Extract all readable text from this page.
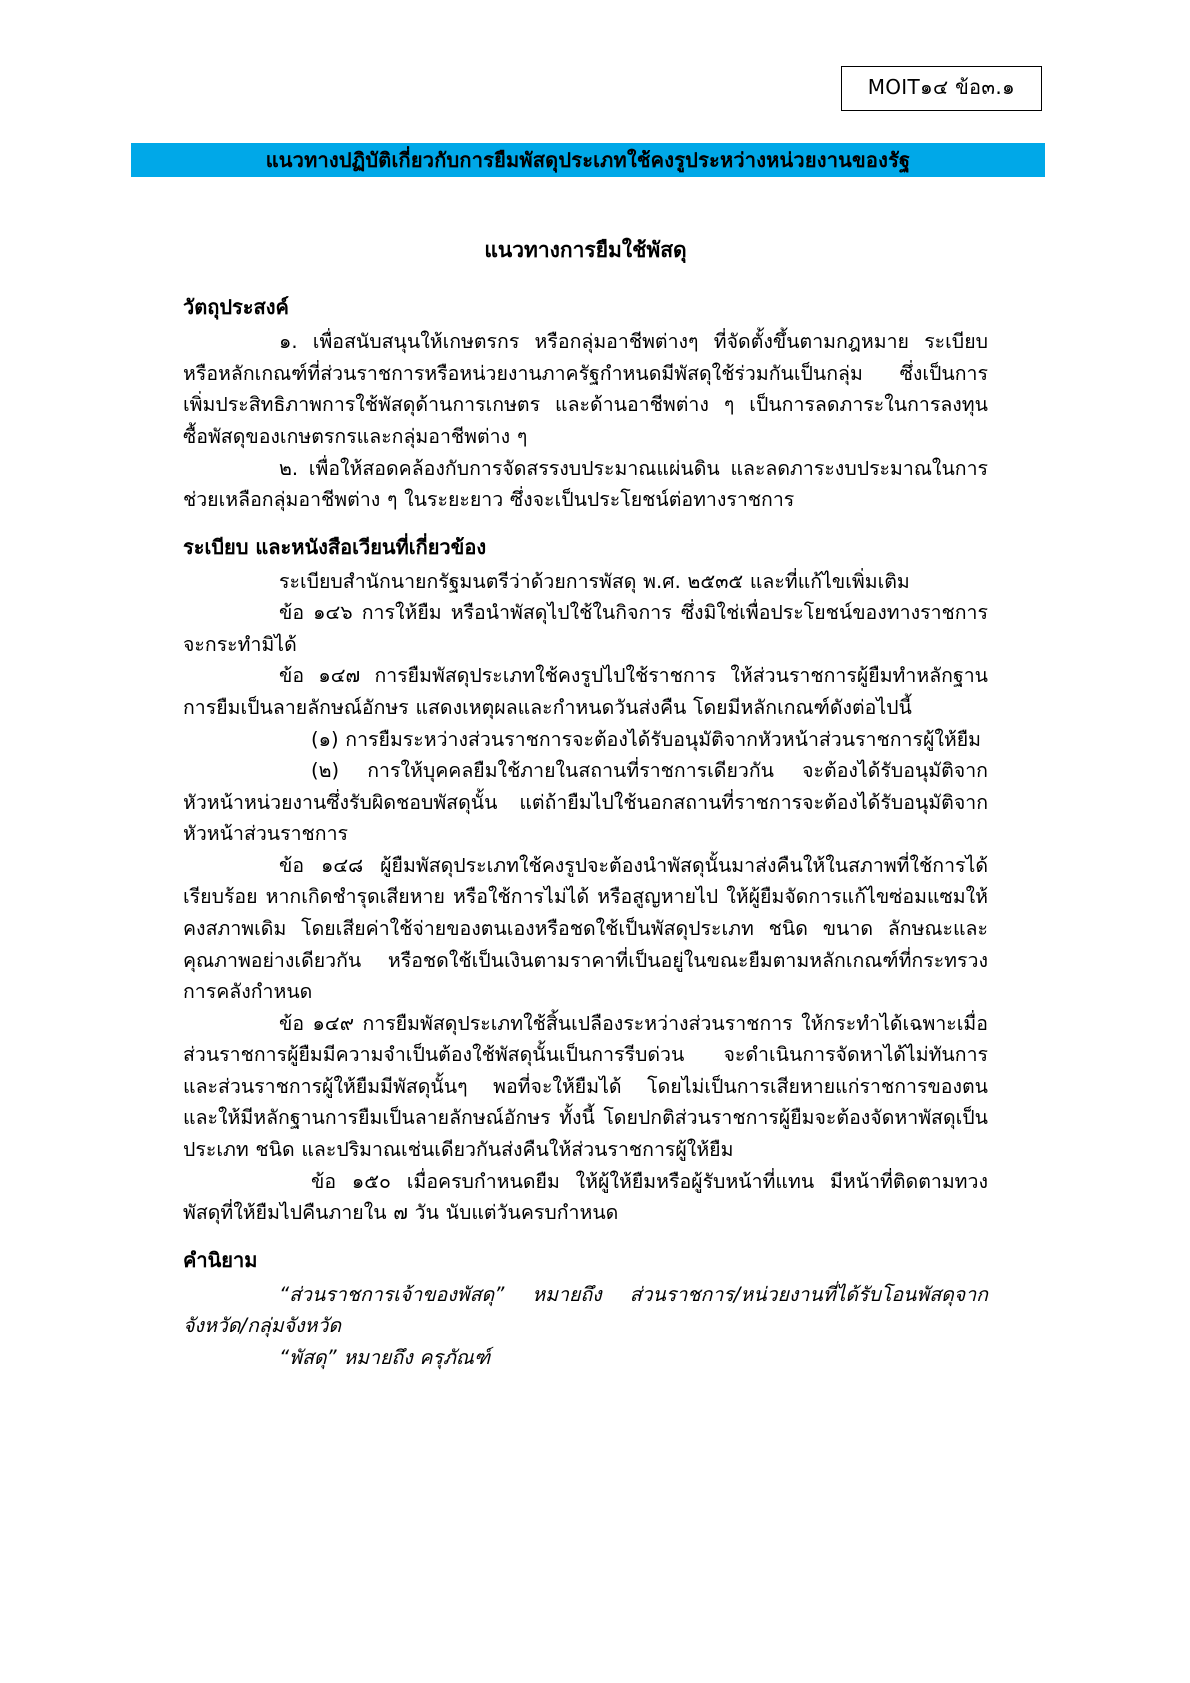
MOIT๑๔ ข้อ๓.๑
แนวทางปฏิบัติเกี่ยวกับการยืมพัสดุประเภทใช้คงรูประหว่างหน่วยงานของรัฐ
แนวทางการยืมใช้พัสดุ
วัตถุประสงค์

๑. เพื่อสนับสนุนให้เกษตรกร หรือกลุ่มอาชีพต่างๆ ที่จัดตั้งขึ้นตามกฎหมาย ระเบียบ หรือหลักเกณฑ์ที่ส่วนราชการหรือหน่วยงานภาครัฐกำหนดมีพัสดุใช้ร่วมกันเป็นกลุ่ม ซึ่งเป็นการเพิ่มประสิทธิภาพการใช้พัสดุด้านการเกษตร และด้านอาชีพต่าง ๆ เป็นการลดภาระในการลงทุนซื้อพัสดุของเกษตรกรและกลุ่มอาชีพต่าง ๆ

๒. เพื่อให้สอดคล้องกับการจัดสรรงบประมาณแผ่นดิน และลดภาระงบประมาณในการช่วยเหลือกลุ่มอาชีพต่าง ๆ ในระยะยาว ซึ่งจะเป็นประโยชน์ต่อทางราชการ

ระเบียบ และหนังสือเวียนที่เกี่ยวข้อง

ระเบียบสำนักนายกรัฐมนตรีว่าด้วยการพัสดุ พ.ศ. ๒๕๓๕ และที่แก้ไขเพิ่มเติม

ข้อ ๑๔๖ การให้ยืม หรือนำพัสดุไปใช้ในกิจการ ซึ่งมิใช่เพื่อประโยชน์ของทางราชการจะกระทำมิได้

ข้อ ๑๔๗ การยืมพัสดุประเภทใช้คงรูปไปใช้ราชการ ให้ส่วนราชการผู้ยืมทำหลักฐานการยืมเป็นลายลักษณ์อักษร แสดงเหตุผลและกำหนดวันส่งคืน โดยมีหลักเกณฑ์ดังต่อไปนี้

(๑) การยืมระหว่างส่วนราชการจะต้องได้รับอนุมัติจากหัวหน้าส่วนราชการผู้ให้ยืม

(๒) การให้บุคคลยืมใช้ภายในสถานที่ราชการเดียวกัน จะต้องได้รับอนุมัติจากหัวหน้าหน่วยงานซึ่งรับผิดชอบพัสดุนั้น แต่ถ้ายืมไปใช้นอกสถานที่ราชการจะต้องได้รับอนุมัติจากหัวหน้าส่วนราชการ

ข้อ ๑๔๘ ผู้ยืมพัสดุประเภทใช้คงรูปจะต้องนำพัสดุนั้นมาส่งคืนให้ในสภาพที่ใช้การได้เรียบร้อย หากเกิดชำรุดเสียหาย หรือใช้การไม่ได้ หรือสูญหายไป ให้ผู้ยืมจัดการแก้ไขซ่อมแซมให้คงสภาพเดิม โดยเสียค่าใช้จ่ายของตนเองหรือชดใช้เป็นพัสดุประเภท ชนิด ขนาด ลักษณะและคุณภาพอย่างเดียวกัน หรือชดใช้เป็นเงินตามราคาที่เป็นอยู่ในขณะยืมตามหลักเกณฑ์ที่กระทรวงการคลังกำหนด

ข้อ ๑๔๙ การยืมพัสดุประเภทใช้สิ้นเปลืองระหว่างส่วนราชการ ให้กระทำได้เฉพาะเมื่อส่วนราชการผู้ยืมมีความจำเป็นต้องใช้พัสดุนั้นเป็นการรีบด่วน จะดำเนินการจัดหาได้ไม่ทันการ และส่วนราชการผู้ให้ยืมมีพัสดุนั้นๆ พอที่จะให้ยืมได้ โดยไม่เป็นการเสียหายแก่ราชการของตน และให้มีหลักฐานการยืมเป็นลายลักษณ์อักษร ทั้งนี้ โดยปกติส่วนราชการผู้ยืมจะต้องจัดหาพัสดุเป็นประเภท ชนิด และปริมาณเช่นเดียวกันส่งคืนให้ส่วนราชการผู้ให้ยืม

ข้อ ๑๕๐ เมื่อครบกำหนดยืม ให้ผู้ให้ยืมหรือผู้รับหน้าที่แทน มีหน้าที่ติดตามทวงพัสดุที่ให้ยืมไปคืนภายใน ๗ วัน นับแต่วันครบกำหนด

คำนิยาม

“ส่วนราชการเจ้าของพัสดุ” หมายถึง ส่วนราชการ/หน่วยงานที่ได้รับโอนพัสดุจากจังหวัด/กลุ่มจังหวัด

“พัสดุ” หมายถึง ครุภัณฑ์
